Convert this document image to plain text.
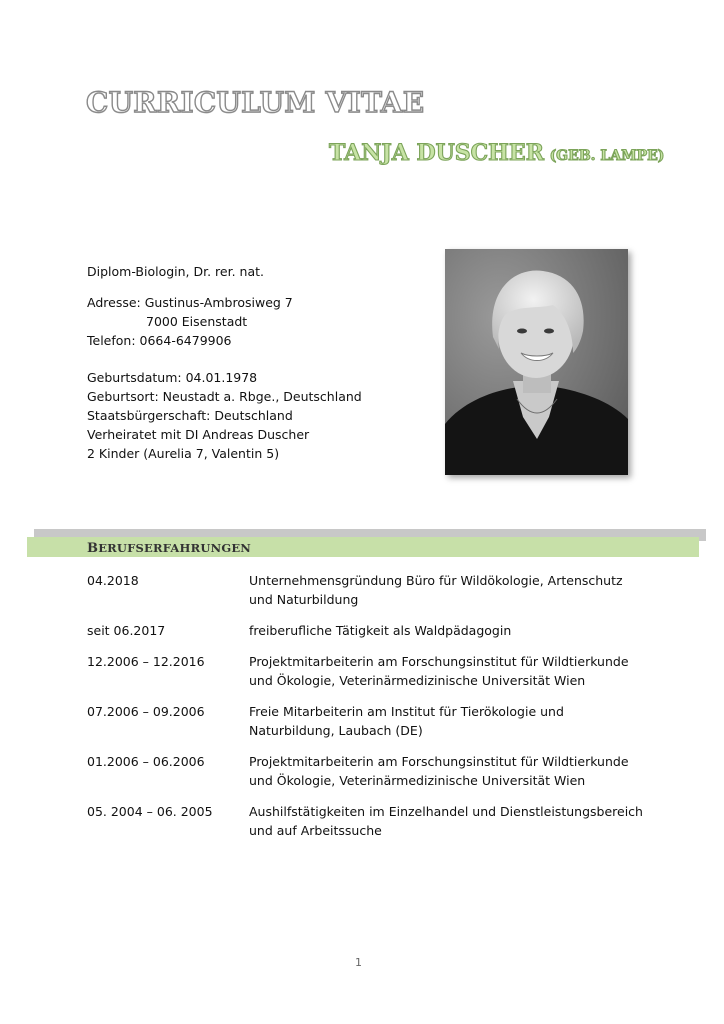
CURRICULUM VITAE

TANJA DUSCHER (GEB. LAMPE)

Diplom-Biologin, Dr. rer. nat.

Adresse: Gustinus-Ambrosiweg 7

7000 Eisenstadt

Telefon: 0664-6479906

Geburtsdatum: 04.01.1978

Geburtsort: Neustadt a. Rbge., Deutschland

Staatsbürgerschaft: Deutschland

Verheiratet mit DI Andreas Duscher

2 Kinder (Aurelia 7, Valentin 5)

BERUFSERFAHRUNGEN
04.2018	Unternehmensgründung Büro für Wildökologie, Artenschutz und Naturbildung
seit 06.2017	freiberufliche Tätigkeit als Waldpädagogin
12.2006 – 12.2016	Projektmitarbeiterin am Forschungsinstitut für Wildtierkunde und Ökologie, Veterinärmedizinische Universität Wien
07.2006 – 09.2006	Freie Mitarbeiterin am Institut für Tierökologie und Naturbildung, Laubach (DE)
01.2006 – 06.2006	Projektmitarbeiterin am Forschungsinstitut für Wildtierkunde und Ökologie, Veterinärmedizinische Universität Wien
05. 2004 – 06. 2005	Aushilfstätigkeiten im Einzelhandel und Dienstleistungsbereich und auf Arbeitssuche
1
